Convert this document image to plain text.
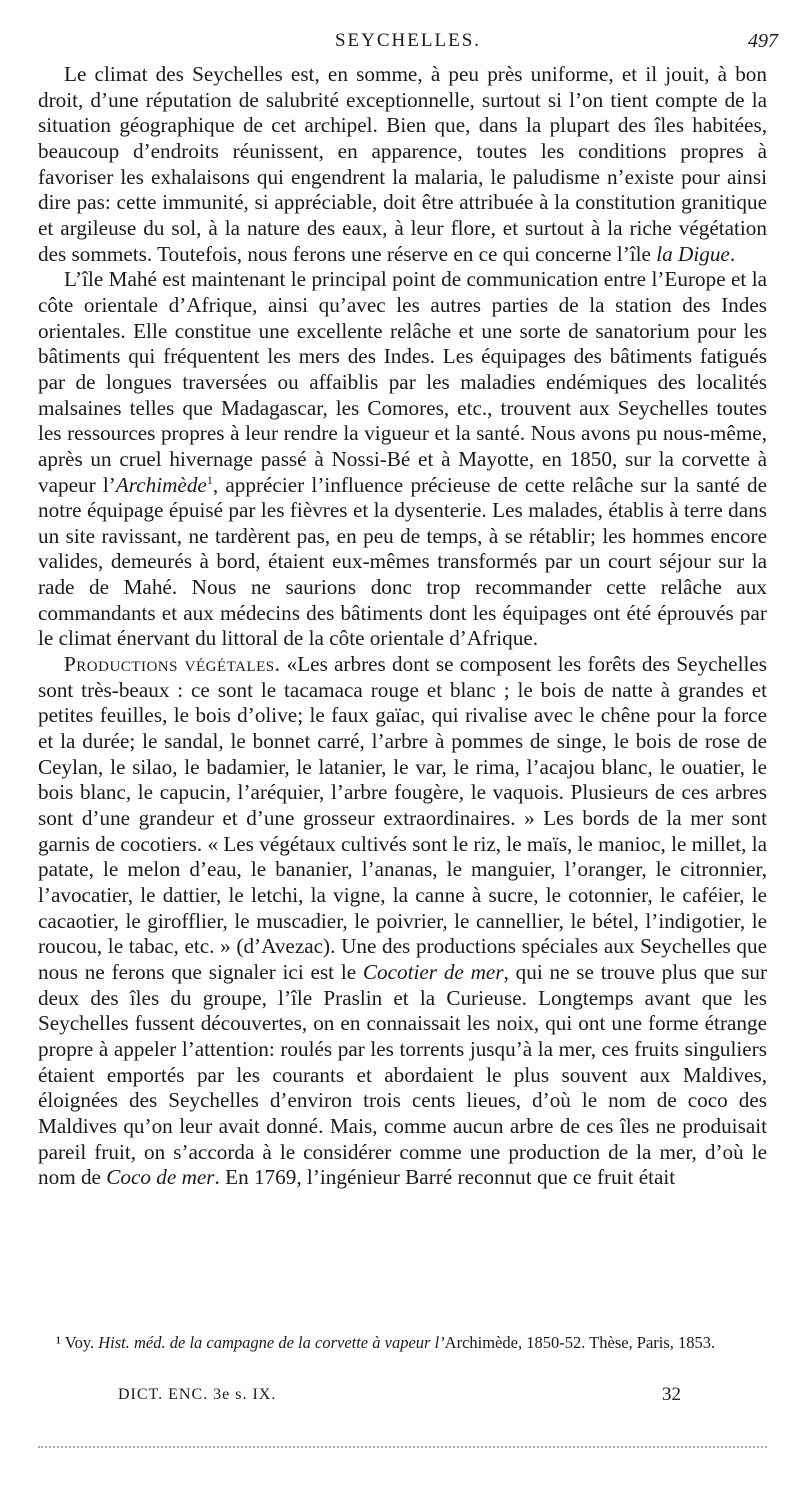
SEYCHELLES.	497

Le climat des Seychelles est, en somme, à peu près uniforme, et il jouit, à bon droit, d’une réputation de salubrité exceptionnelle, surtout si l’on tient compte de la situation géographique de cet archipel. Bien que, dans la plupart des îles habitées, beaucoup d’endroits réunissent, en apparence, toutes les conditions propres à favoriser les exhalaisons qui engendrent la malaria, le paludisme n’existe pour ainsi dire pas: cette immunité, si appréciable, doit être attribuée à la constitution granitique et argileuse du sol, à la nature des eaux, à leur flore, et surtout à la riche végétation des sommets. Toutefois, nous ferons une réserve en ce qui concerne l’île la Digue.

L’île Mahé est maintenant le principal point de communication entre l’Europe et la côte orientale d’Afrique, ainsi qu’avec les autres parties de la station des Indes orientales. Elle constitue une excellente relâche et une sorte de sanatorium pour les bâtiments qui fréquentent les mers des Indes. Les équipages des bâtiments fatigués par de longues traversées ou affaiblis par les maladies endémiques des localités malsaines telles que Madagascar, les Comores, etc., trouvent aux Seychelles toutes les ressources propres à leur rendre la vigueur et la santé. Nous avons pu nous-même, après un cruel hivernage passé à Nossi-Bé et à Mayotte, en 1850, sur la corvette à vapeur l’Archimède$^1$, apprécier l’influence précieuse de cette relâche sur la santé de notre équipage épuisé par les fièvres et la dysenterie. Les malades, établis à terre dans un site ravissant, ne tardèrent pas, en peu de temps, à se rétablir; les hommes encore valides, demeurés à bord, étaient eux-mêmes transformés par un court séjour sur la rade de Mahé. Nous ne saurions donc trop recommander cette relâche aux commandants et aux médecins des bâtiments dont les équipages ont été éprouvés par le climat énervant du littoral de la côte orientale d’Afrique.

Productions végétales. «Les arbres dont se composent les forêts des Seychelles sont très-beaux : ce sont le tacamaca rouge et blanc ; le bois de natte à grandes et petites feuilles, le bois d’olive; le faux gaïac, qui rivalise avec le chêne pour la force et la durée; le sandal, le bonnet carré, l’arbre à pommes de singe, le bois de rose de Ceylan, le silao, le badamier, le latanier, le var, le rima, l’acajou blanc, le ouatier, le bois blanc, le capucin, l’aréquier, l’arbre fougère, le vaquois. Plusieurs de ces arbres sont d’une grandeur et d’une grosseur extraordinaires. » Les bords de la mer sont garnis de cocotiers. « Les végétaux cultivés sont le riz, le maïs, le manioc, le millet, la patate, le melon d’eau, le bananier, l’ananas, le manguier, l’oranger, le citronnier, l’avocatier, le dattier, le letchi, la vigne, la canne à sucre, le cotonnier, le caféier, le cacaotier, le girofflier, le muscadier, le poivrier, le cannellier, le bétel, l’indigotier, le roucou, le tabac, etc. » (d’Avezac). Une des productions spéciales aux Seychelles que nous ne ferons que signaler ici est le Cocotier de mer, qui ne se trouve plus que sur deux des îles du groupe, l’île Praslin et la Curieuse. Longtemps avant que les Seychelles fussent découvertes, on en connaissait les noix, qui ont une forme étrange propre à appeler l’attention: roulés par les torrents jusqu’à la mer, ces fruits singuliers étaient emportés par les courants et abordaient le plus souvent aux Maldives, éloignées des Seychelles d’environ trois cents lieues, d’où le nom de coco des Maldives qu’on leur avait donné. Mais, comme aucun arbre de ces îles ne produisait pareil fruit, on s’accorda à le considérer comme une production de la mer, d’où le nom de Coco de mer. En 1769, l’ingénieur Barré reconnut que ce fruit était

¹ Voy. Hist. méd. de la campagne de la corvette à vapeur l’Archimède, 1850-52. Thèse, Paris, 1853.
DICT. ENC. 3e s. IX.	32
